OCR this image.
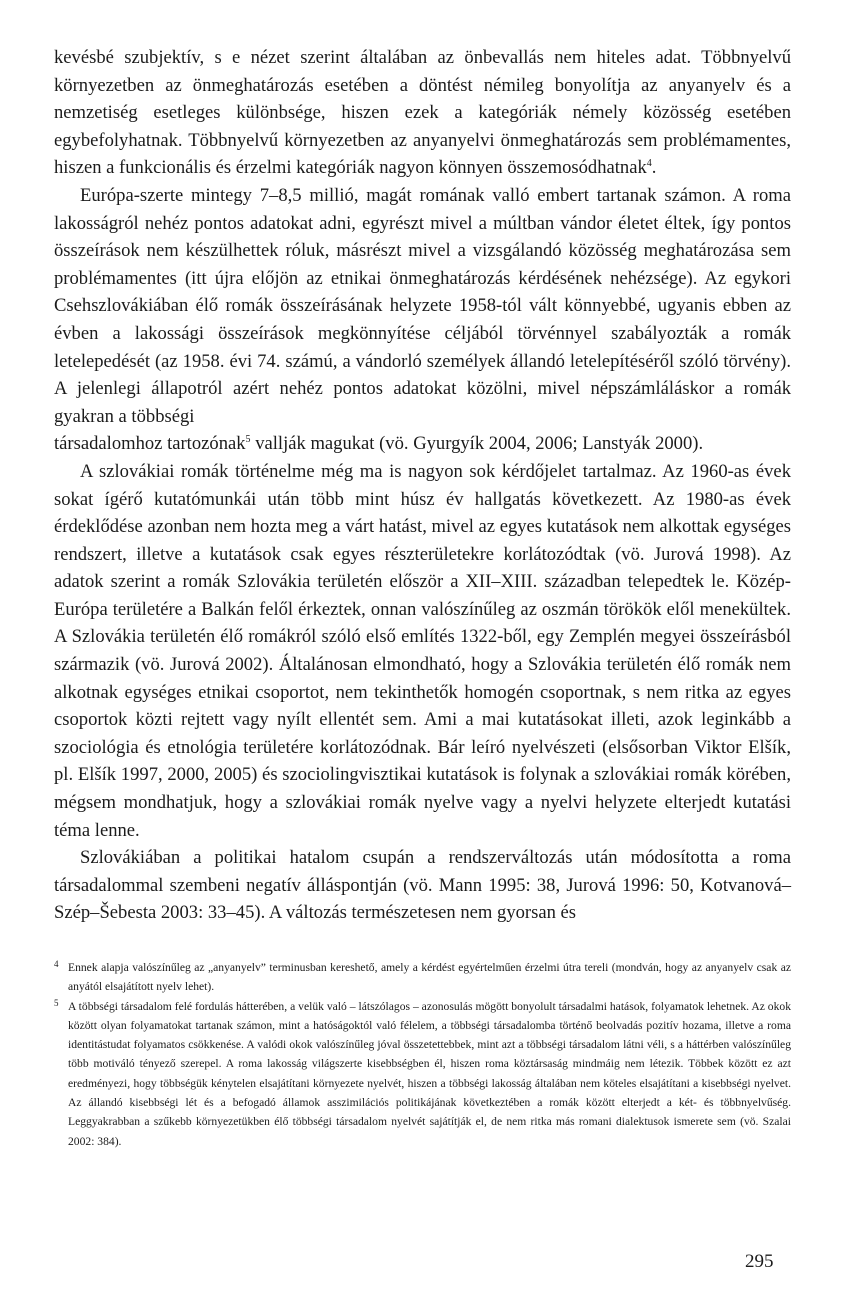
kevésbé szubjektív, s e nézet szerint általában az önbevallás nem hiteles adat. Többnyelvű környezetben az önmeghatározás esetében a döntést némileg bonyolítja az anyanyelv és a nemzetiség esetleges különbsége, hiszen ezek a kategóriák némely közösség esetében egybefolyhatnak. Többnyelvű környezetben az anyanyelvi önmeghatározás sem problémamentes, hiszen a funkcionális és érzelmi kategóriák nagyon könnyen összemosódhatnak$^4$.

Európa-szerte mintegy 7–8,5 millió, magát romának valló embert tartanak számon. A roma lakosságról nehéz pontos adatokat adni, egyrészt mivel a múltban vándor életet éltek, így pontos összeírások nem készülhettek róluk, másrészt mivel a vizsgálandó közösség meghatározása sem problémamentes (itt újra előjön az etnikai önmeghatározás kérdésének nehézsége). Az egykori Csehszlovákiában élő romák összeírásának helyzete 1958-tól vált könnyebbé, ugyanis ebben az évben a lakossági összeírások megkönnyítése céljából törvénnyel szabályozták a romák letelepedését (az 1958. évi 74. számú, a vándorló személyek állandó letelepítéséről szóló törvény). A jelenlegi állapotról azért nehéz pontos adatokat közölni, mivel népszámláláskor a romák gyakran a többségi

társadalomhoz tartozónak$^5$ vallják magukat (vö. Gyurgyík 2004, 2006; Lanstyák 2000).

A szlovákiai romák történelme még ma is nagyon sok kérdőjelet tartalmaz. Az 1960-as évek sokat ígérő kutatómunkái után több mint húsz év hallgatás következett. Az 1980-as évek érdeklődése azonban nem hozta meg a várt hatást, mivel az egyes kutatások nem alkottak egységes rendszert, illetve a kutatások csak egyes részterületekre korlátozódtak (vö. Jurová 1998). Az adatok szerint a romák Szlovákia területén először a XII–XIII. században telepedtek le. Közép-Európa területére a Balkán felől érkeztek, onnan valószínűleg az oszmán törökök elől menekültek. A Szlovákia területén élő romákról szóló első említés 1322-ből, egy Zemplén megyei összeírásból származik (vö. Jurová 2002). Általánosan elmondható, hogy a Szlovákia területén élő romák nem alkotnak egységes etnikai csoportot, nem tekinthetők homogén csoportnak, s nem ritka az egyes csoportok közti rejtett vagy nyílt ellentét sem. Ami a mai kutatásokat illeti, azok leginkább a szociológia és etnológia területére korlátozódnak. Bár leíró nyelvészeti (elsősorban Viktor Elšík, pl. Elšík 1997, 2000, 2005) és szociolingvisztikai kutatások is folynak a szlovákiai romák körében, mégsem mondhatjuk, hogy a szlovákiai romák nyelve vagy a nyelvi helyzete elterjedt kutatási téma lenne.

Szlovákiában a politikai hatalom csupán a rendszerváltozás után módosította a roma társadalommal szembeni negatív álláspontján (vö. Mann 1995: 38, Jurová 1996: 50, Kotvanová–Szép–Šebesta 2003: 33–45). A változás természetesen nem gyorsan és

4 Ennek alapja valószínűleg az „anyanyelv” terminusban kereshető, amely a kérdést egyértelműen érzelmi útra tereli (mondván, hogy az anyanyelv csak az anyától elsajátított nyelv lehet).
5 A többségi társadalom felé fordulás hátterében, a velük való – látszólagos – azonosulás mögött bonyolult társadalmi hatások, folyamatok lehetnek. Az okok között olyan folyamatokat tartanak számon, mint a hatóságoktól való félelem, a többségi társadalomba történő beolvadás pozitív hozama, illetve a roma identitástudat folyamatos csökkenése. A valódi okok valószínűleg jóval összetettebbek, mint azt a többségi társadalom látni véli, s a háttérben valószínűleg több motiváló tényező szerepel. A roma lakosság világszerte kisebbségben él, hiszen roma köztársaság mindmáig nem létezik. Többek között ez azt eredményezi, hogy többségük kénytelen elsajátítani környezete nyelvét, hiszen a többségi lakosság általában nem köteles elsajátítani a kisebbségi nyelvet. Az állandó kisebbségi lét és a befogadó államok asszimilációs politikájának következtében a romák között elterjedt a két- és többnyelvűség. Leggyakrabban a szűkebb környezetükben élő többségi társadalom nyelvét sajátítják el, de nem ritka más romani dialektusok ismerete sem (vö. Szalai 2002: 384).
295
